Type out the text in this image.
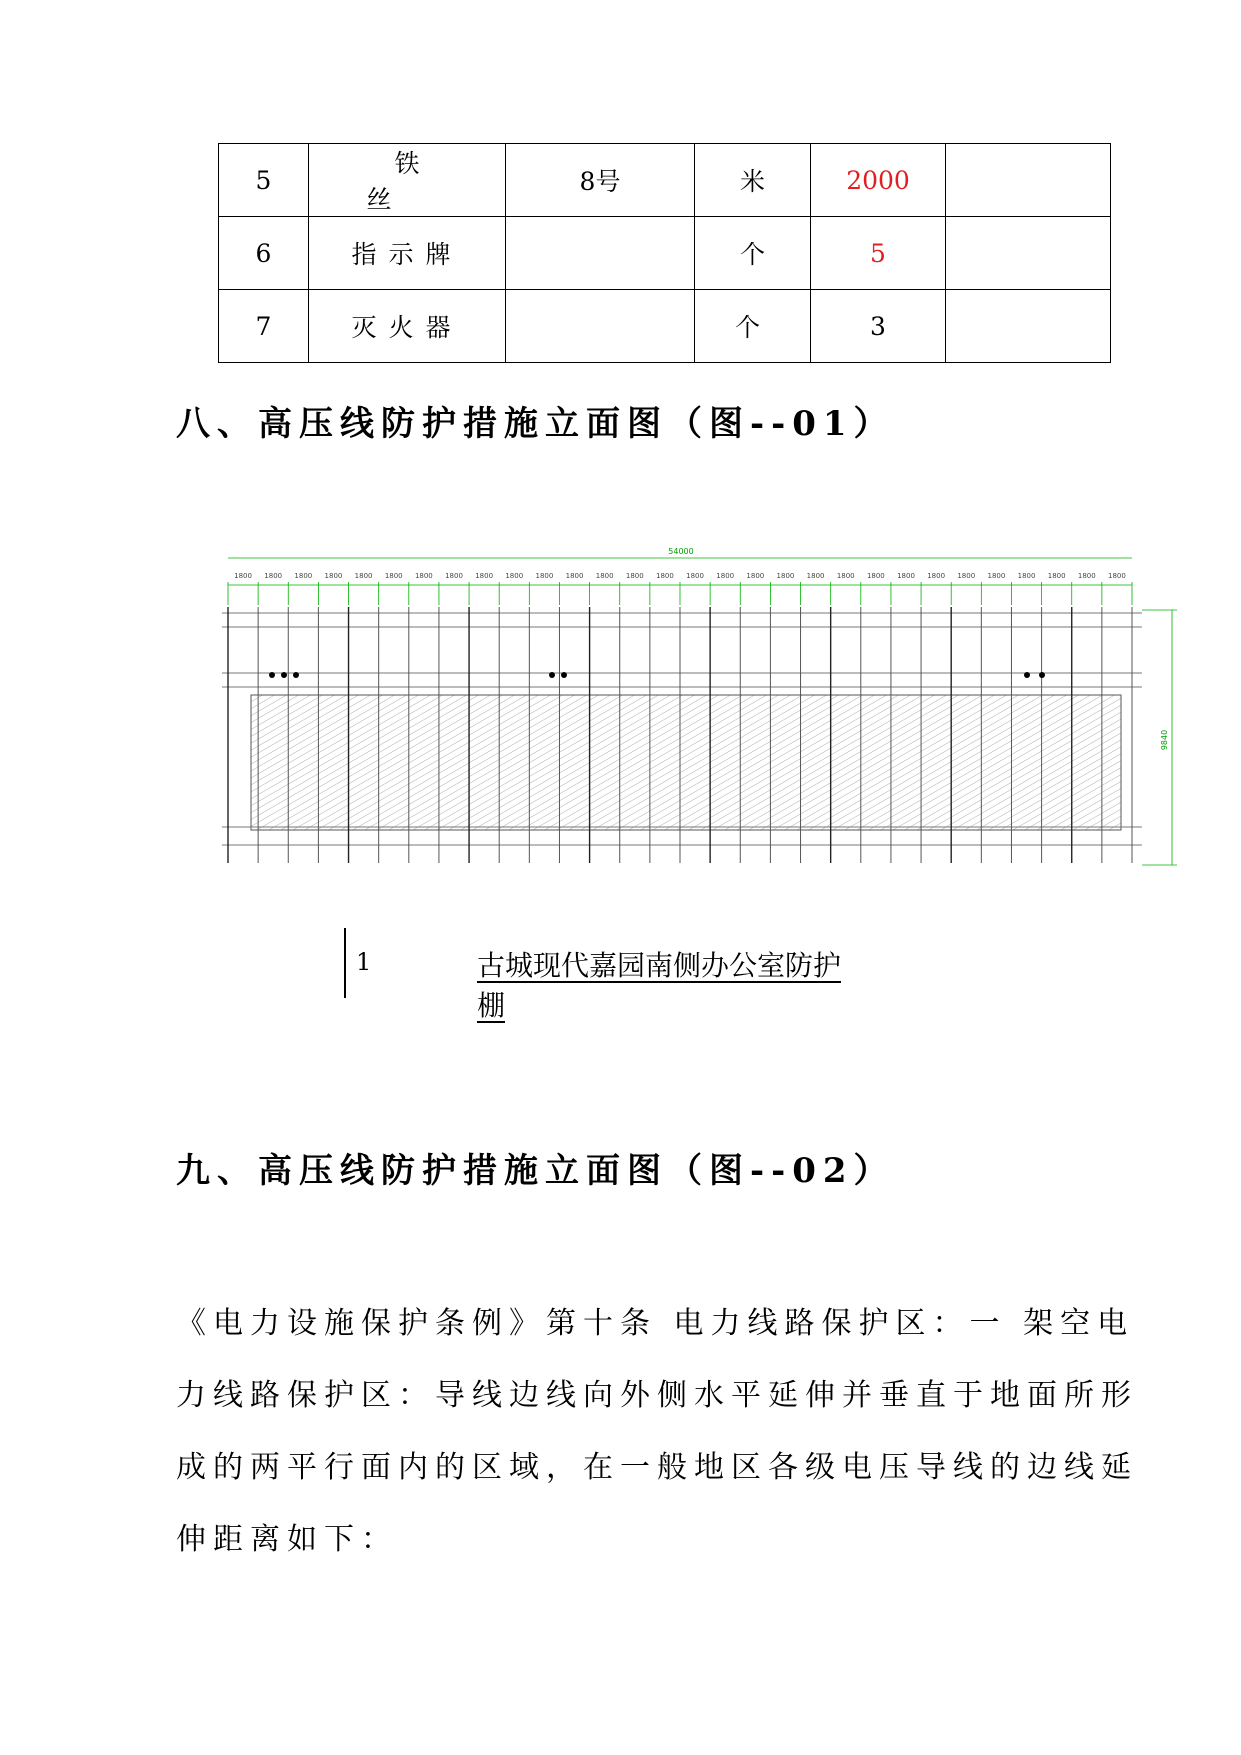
5	铁 丝	8号	米	2000	
6	指示牌		个	5	
7	灭火器		个	3	
八、高压线防护措施立面图（图--01）
1800 1800 1800 1800 1800 1800 1800 1800 1800 1800 1800 1800 1800 1800 1800 1800 1800 1800 1800 1800 1800 1800 1800 1800 1800 1800 1800 1800 1800 1800
54000
9840
1	古城现代嘉园南侧办公室防护棚
九、高压线防护措施立面图（图--02）

《电力设施保护条例》第十条 电力线路保护区：一 架空电
力线路保护区：导线边线向外侧水平延伸并垂直于地面所形
成的两平行面内的区域，在一般地区各级电压导线的边线延
伸距离如下：
